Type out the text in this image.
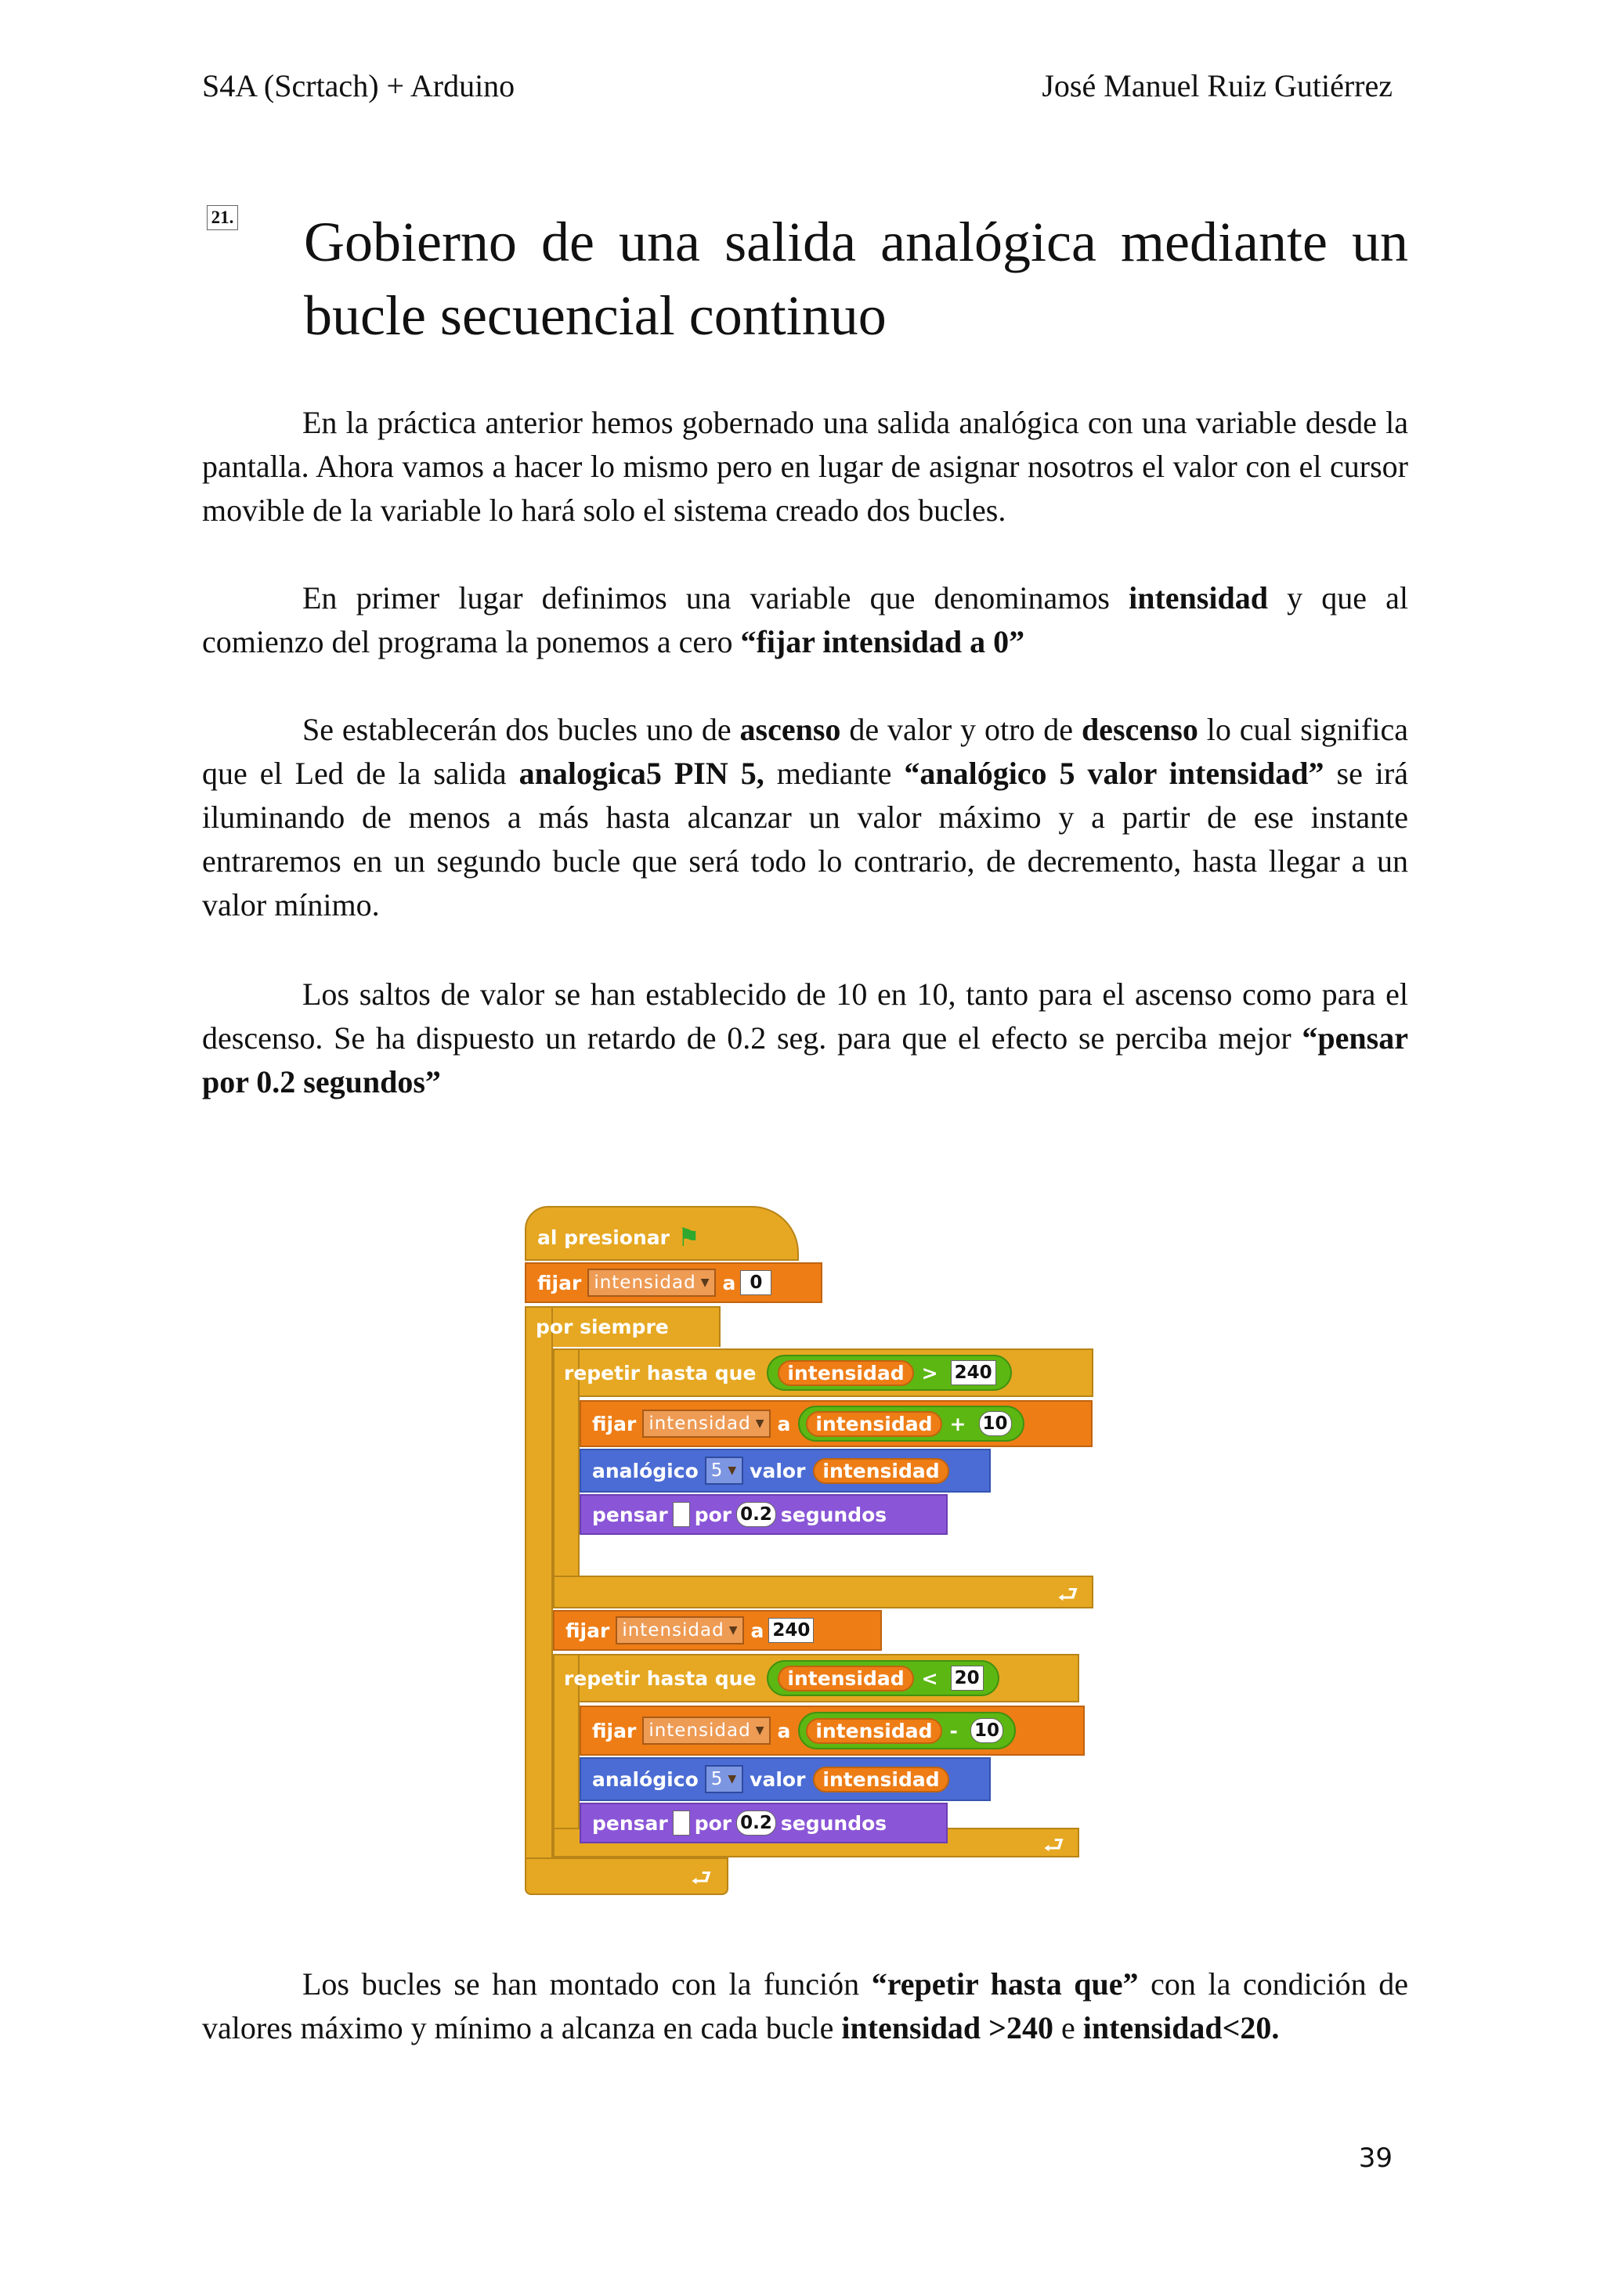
S4A (Scrtach) + Arduino	José Manuel Ruiz Gutiérrez
21. Gobierno de una salida analógica mediante un
bucle secuencial continuo

En la práctica anterior hemos gobernado una salida analógica con una variable desde la pantalla. Ahora vamos a hacer lo mismo pero en lugar de asignar nosotros el valor con el cursor movible de la variable lo hará solo el sistema creado dos bucles.

En primer lugar definimos una variable que denominamos intensidad y que al comienzo del programa la ponemos a cero “fijar intensidad a 0”

Se establecerán dos bucles uno de ascenso de valor y otro de descenso lo cual significa que el Led de la salida analogica5 PIN 5, mediante “analógico 5 valor intensidad” se irá iluminando de menos a más hasta alcanzar un valor máximo y a partir de ese instante entraremos en un segundo bucle que será todo lo contrario, de decremento, hasta llegar a un valor mínimo.

Los saltos de valor se han establecido de 10 en 10, tanto para el ascenso como para el descenso. Se ha dispuesto un retardo de 0.2 seg. para que el efecto se perciba mejor “pensar por 0.2 segundos”

al presionar ⚑
fijar intensidad ▼ a 0
por siempre
⮐
⮐
repetir hasta que	intensidad > 240
fijar intensidad ▼ a	intensidad + 10
analógico 5 ▼ valor intensidad
pensar por 0.2 segundos
fijar intensidad ▼ a 240
⮐
repetir hasta que	intensidad < 20
fijar intensidad ▼ a	intensidad - 10
analógico 5 ▼ valor intensidad
pensar por 0.2 segundos

Los bucles se han montado con la función “repetir hasta que” con la condición de valores máximo y mínimo a alcanza en cada bucle intensidad >240 e intensidad<20.

39
